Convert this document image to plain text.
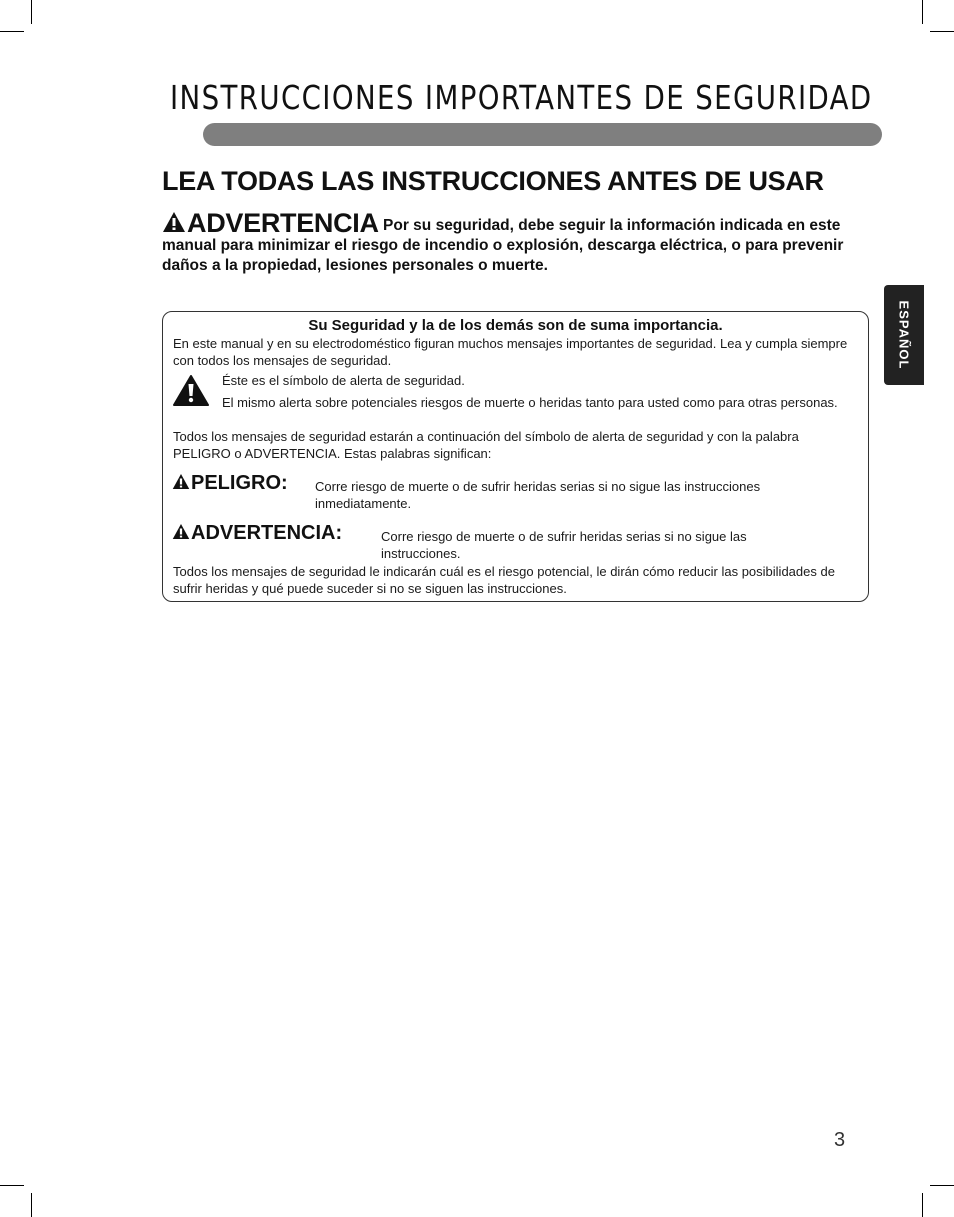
INSTRUCCIONES IMPORTANTES DE SEGURIDAD
LEA TODAS LAS INSTRUCCIONES ANTES DE USAR
ADVERTENCIA Por su seguridad, debe seguir la información indicada en este manual para minimizar el riesgo de incendio o explosión, descarga eléctrica, o para prevenir daños a la propiedad, lesiones personales o muerte.
ESPAÑOL
Su Seguridad y la de los demás son de suma importancia.
En este manual y en su electrodoméstico figuran muchos mensajes importantes de seguridad. Lea y cumpla siempre con todos los mensajes de seguridad.
Éste es el símbolo de alerta de seguridad.
El mismo alerta sobre potenciales riesgos de muerte o heridas tanto para usted como para otras personas.
Todos los mensajes de seguridad estarán a continuación del símbolo de alerta de seguridad y con la palabra PELIGRO o ADVERTENCIA. Estas palabras significan:
PELIGRO: Corre riesgo de muerte o de sufrir heridas serias si no sigue las instrucciones inmediatamente.
ADVERTENCIA:	Corre riesgo de muerte o de sufrir heridas serias si no sigue las instrucciones.
Todos los mensajes de seguridad le indicarán cuál es el riesgo potencial, le dirán cómo reducir las posibilidades de sufrir heridas y qué puede suceder si no se siguen las instrucciones.
3
